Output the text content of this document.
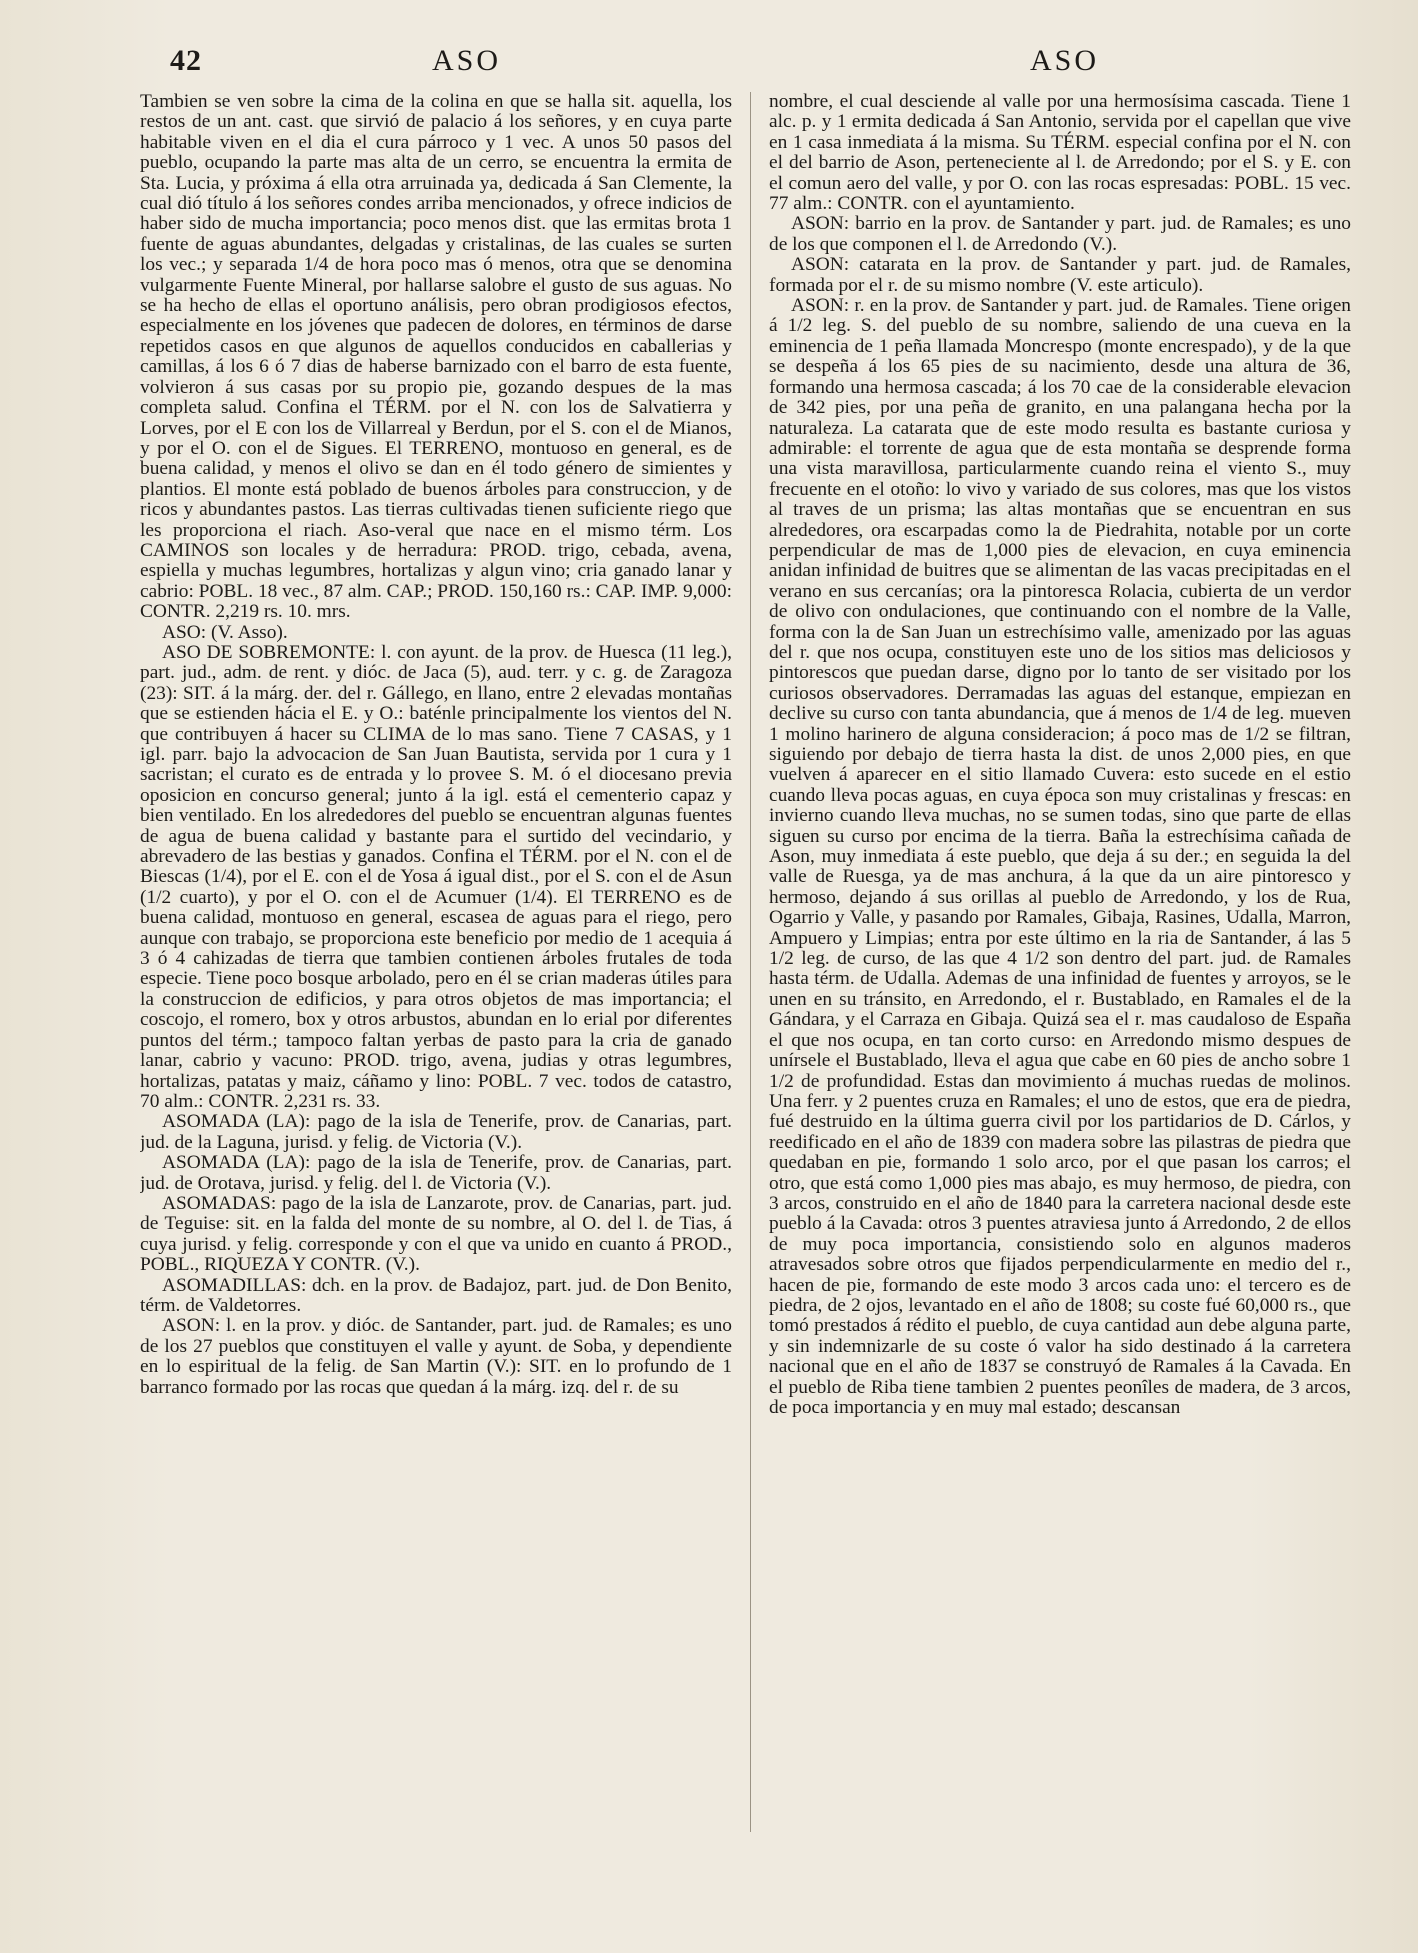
42	ASO	ASO

Tambien se ven sobre la cima de la colina en que se halla sit. aquella, los restos de un ant. cast. que sirvió de palacio á los señores, y en cuya parte habitable viven en el dia el cura párroco y 1 vec. A unos 50 pasos del pueblo, ocupando la parte mas alta de un cerro, se encuentra la ermita de Sta. Lucia, y próxima á ella otra arruinada ya, dedicada á San Clemente, la cual dió título á los señores condes arriba mencionados, y ofrece indicios de haber sido de mucha importancia; poco menos dist. que las ermitas brota 1 fuente de aguas abundantes, delgadas y cristalinas, de las cuales se surten los vec.; y separada 1/4 de hora poco mas ó menos, otra que se denomina vulgarmente Fuente Mineral, por hallarse salobre el gusto de sus aguas. No se ha hecho de ellas el oportuno análisis, pero obran prodigiosos efectos, especialmente en los jóvenes que padecen de dolores, en términos de darse repetidos casos en que algunos de aquellos conducidos en caballerias y camillas, á los 6 ó 7 dias de haberse barnizado con el barro de esta fuente, volvieron á sus casas por su propio pie, gozando despues de la mas completa salud. Confina el TÉRM. por el N. con los de Salvatierra y Lorves, por el E con los de Villarreal y Berdun, por el S. con el de Mianos, y por el O. con el de Sigues. El TERRENO, montuoso en general, es de buena calidad, y menos el olivo se dan en él todo género de simientes y plantios. El monte está poblado de buenos árboles para construccion, y de ricos y abundantes pastos. Las tierras cultivadas tienen suficiente riego que les proporciona el riach. Aso-veral que nace en el mismo térm. Los CAMINOS son locales y de herradura: PROD. trigo, cebada, avena, espiella y muchas legumbres, hortalizas y algun vino; cria ganado lanar y cabrio: POBL. 18 vec., 87 alm. CAP.; PROD. 150,160 rs.: CAP. IMP. 9,000: CONTR. 2,219 rs. 10. mrs.

ASO: (V. Asso).

ASO DE SOBREMONTE: l. con ayunt. de la prov. de Huesca (11 leg.), part. jud., adm. de rent. y dióc. de Jaca (5), aud. terr. y c. g. de Zaragoza (23): SIT. á la márg. der. del r. Gállego, en llano, entre 2 elevadas montañas que se estienden hácia el E. y O.: baténle principalmente los vientos del N. que contribuyen á hacer su CLIMA de lo mas sano. Tiene 7 CASAS, y 1 igl. parr. bajo la advocacion de San Juan Bautista, servida por 1 cura y 1 sacristan; el curato es de entrada y lo provee S. M. ó el diocesano previa oposicion en concurso general; junto á la igl. está el cementerio capaz y bien ventilado. En los alrededores del pueblo se encuentran algunas fuentes de agua de buena calidad y bastante para el surtido del vecindario, y abrevadero de las bestias y ganados. Confina el TÉRM. por el N. con el de Biescas (1/4), por el E. con el de Yosa á igual dist., por el S. con el de Asun (1/2 cuarto), y por el O. con el de Acumuer (1/4). El TERRENO es de buena calidad, montuoso en general, escasea de aguas para el riego, pero aunque con trabajo, se proporciona este beneficio por medio de 1 acequia á 3 ó 4 cahizadas de tierra que tambien contienen árboles frutales de toda especie. Tiene poco bosque arbolado, pero en él se crian maderas útiles para la construccion de edificios, y para otros objetos de mas importancia; el coscojo, el romero, box y otros arbustos, abundan en lo erial por diferentes puntos del térm.; tampoco faltan yerbas de pasto para la cria de ganado lanar, cabrio y vacuno: PROD. trigo, avena, judias y otras legumbres, hortalizas, patatas y maiz, cáñamo y lino: POBL. 7 vec. todos de catastro, 70 alm.: CONTR. 2,231 rs. 33.

ASOMADA (LA): pago de la isla de Tenerife, prov. de Canarias, part. jud. de la Laguna, jurisd. y felig. de Victoria (V.).

ASOMADA (LA): pago de la isla de Tenerife, prov. de Canarias, part. jud. de Orotava, jurisd. y felig. del l. de Victoria (V.).

ASOMADAS: pago de la isla de Lanzarote, prov. de Canarias, part. jud. de Teguise: sit. en la falda del monte de su nombre, al O. del l. de Tias, á cuya jurisd. y felig. corresponde y con el que va unido en cuanto á PROD., POBL., RIQUEZA Y CONTR. (V.).

ASOMADILLAS: dch. en la prov. de Badajoz, part. jud. de Don Benito, térm. de Valdetorres.

ASON: l. en la prov. y dióc. de Santander, part. jud. de Ramales; es uno de los 27 pueblos que constituyen el valle y ayunt. de Soba, y dependiente en lo espiritual de la felig. de San Martin (V.): SIT. en lo profundo de 1 barranco formado por las rocas que quedan á la márg. izq. del r. de su

nombre, el cual desciende al valle por una hermosísima cascada. Tiene 1 alc. p. y 1 ermita dedicada á San Antonio, servida por el capellan que vive en 1 casa inmediata á la misma. Su TÉRM. especial confina por el N. con el del barrio de Ason, perteneciente al l. de Arredondo; por el S. y E. con el comun aero del valle, y por O. con las rocas espresadas: POBL. 15 vec. 77 alm.: CONTR. con el ayuntamiento.

ASON: barrio en la prov. de Santander y part. jud. de Ramales; es uno de los que componen el l. de Arredondo (V.).

ASON: catarata en la prov. de Santander y part. jud. de Ramales, formada por el r. de su mismo nombre (V. este articulo).

ASON: r. en la prov. de Santander y part. jud. de Ramales. Tiene origen á 1/2 leg. S. del pueblo de su nombre, saliendo de una cueva en la eminencia de 1 peña llamada Moncrespo (monte encrespado), y de la que se despeña á los 65 pies de su nacimiento, desde una altura de 36, formando una hermosa cascada; á los 70 cae de la considerable elevacion de 342 pies, por una peña de granito, en una palangana hecha por la naturaleza. La catarata que de este modo resulta es bastante curiosa y admirable: el torrente de agua que de esta montaña se desprende forma una vista maravillosa, particularmente cuando reina el viento S., muy frecuente en el otoño: lo vivo y variado de sus colores, mas que los vistos al traves de un prisma; las altas montañas que se encuentran en sus alrededores, ora escarpadas como la de Piedrahita, notable por un corte perpendicular de mas de 1,000 pies de elevacion, en cuya eminencia anidan infinidad de buitres que se alimentan de las vacas precipitadas en el verano en sus cercanías; ora la pintoresca Rolacia, cubierta de un verdor de olivo con ondulaciones, que continuando con el nombre de la Valle, forma con la de San Juan un estrechísimo valle, amenizado por las aguas del r. que nos ocupa, constituyen este uno de los sitios mas deliciosos y pintorescos que puedan darse, digno por lo tanto de ser visitado por los curiosos observadores. Derramadas las aguas del estanque, empiezan en declive su curso con tanta abundancia, que á menos de 1/4 de leg. mueven 1 molino harinero de alguna consideracion; á poco mas de 1/2 se filtran, siguiendo por debajo de tierra hasta la dist. de unos 2,000 pies, en que vuelven á aparecer en el sitio llamado Cuvera: esto sucede en el estio cuando lleva pocas aguas, en cuya época son muy cristalinas y frescas: en invierno cuando lleva muchas, no se sumen todas, sino que parte de ellas siguen su curso por encima de la tierra. Baña la estrechísima cañada de Ason, muy inmediata á este pueblo, que deja á su der.; en seguida la del valle de Ruesga, ya de mas anchura, á la que da un aire pintoresco y hermoso, dejando á sus orillas al pueblo de Arredondo, y los de Rua, Ogarrio y Valle, y pasando por Ramales, Gibaja, Rasines, Udalla, Marron, Ampuero y Limpias; entra por este último en la ria de Santander, á las 5 1/2 leg. de curso, de las que 4 1/2 son dentro del part. jud. de Ramales hasta térm. de Udalla. Ademas de una infinidad de fuentes y arroyos, se le unen en su tránsito, en Arredondo, el r. Bustablado, en Ramales el de la Gándara, y el Carraza en Gibaja. Quizá sea el r. mas caudaloso de España el que nos ocupa, en tan corto curso: en Arredondo mismo despues de unírsele el Bustablado, lleva el agua que cabe en 60 pies de ancho sobre 1 1/2 de profundidad. Estas dan movimiento á muchas ruedas de molinos. Una ferr. y 2 puentes cruza en Ramales; el uno de estos, que era de piedra, fué destruido en la última guerra civil por los partidarios de D. Cárlos, y reedificado en el año de 1839 con madera sobre las pilastras de piedra que quedaban en pie, formando 1 solo arco, por el que pasan los carros; el otro, que está como 1,000 pies mas abajo, es muy hermoso, de piedra, con 3 arcos, construido en el año de 1840 para la carretera nacional desde este pueblo á la Cavada: otros 3 puentes atraviesa junto á Arredondo, 2 de ellos de muy poca importancia, consistiendo solo en algunos maderos atravesados sobre otros que fijados perpendicularmente en medio del r., hacen de pie, formando de este modo 3 arcos cada uno: el tercero es de piedra, de 2 ojos, levantado en el año de 1808; su coste fué 60,000 rs., que tomó prestados á rédito el pueblo, de cuya cantidad aun debe alguna parte, y sin indemnizarle de su coste ó valor ha sido destinado á la carretera nacional que en el año de 1837 se construyó de Ramales á la Cavada. En el pueblo de Riba tiene tambien 2 puentes peonîles de madera, de 3 arcos, de poca importancia y en muy mal estado; descansan
